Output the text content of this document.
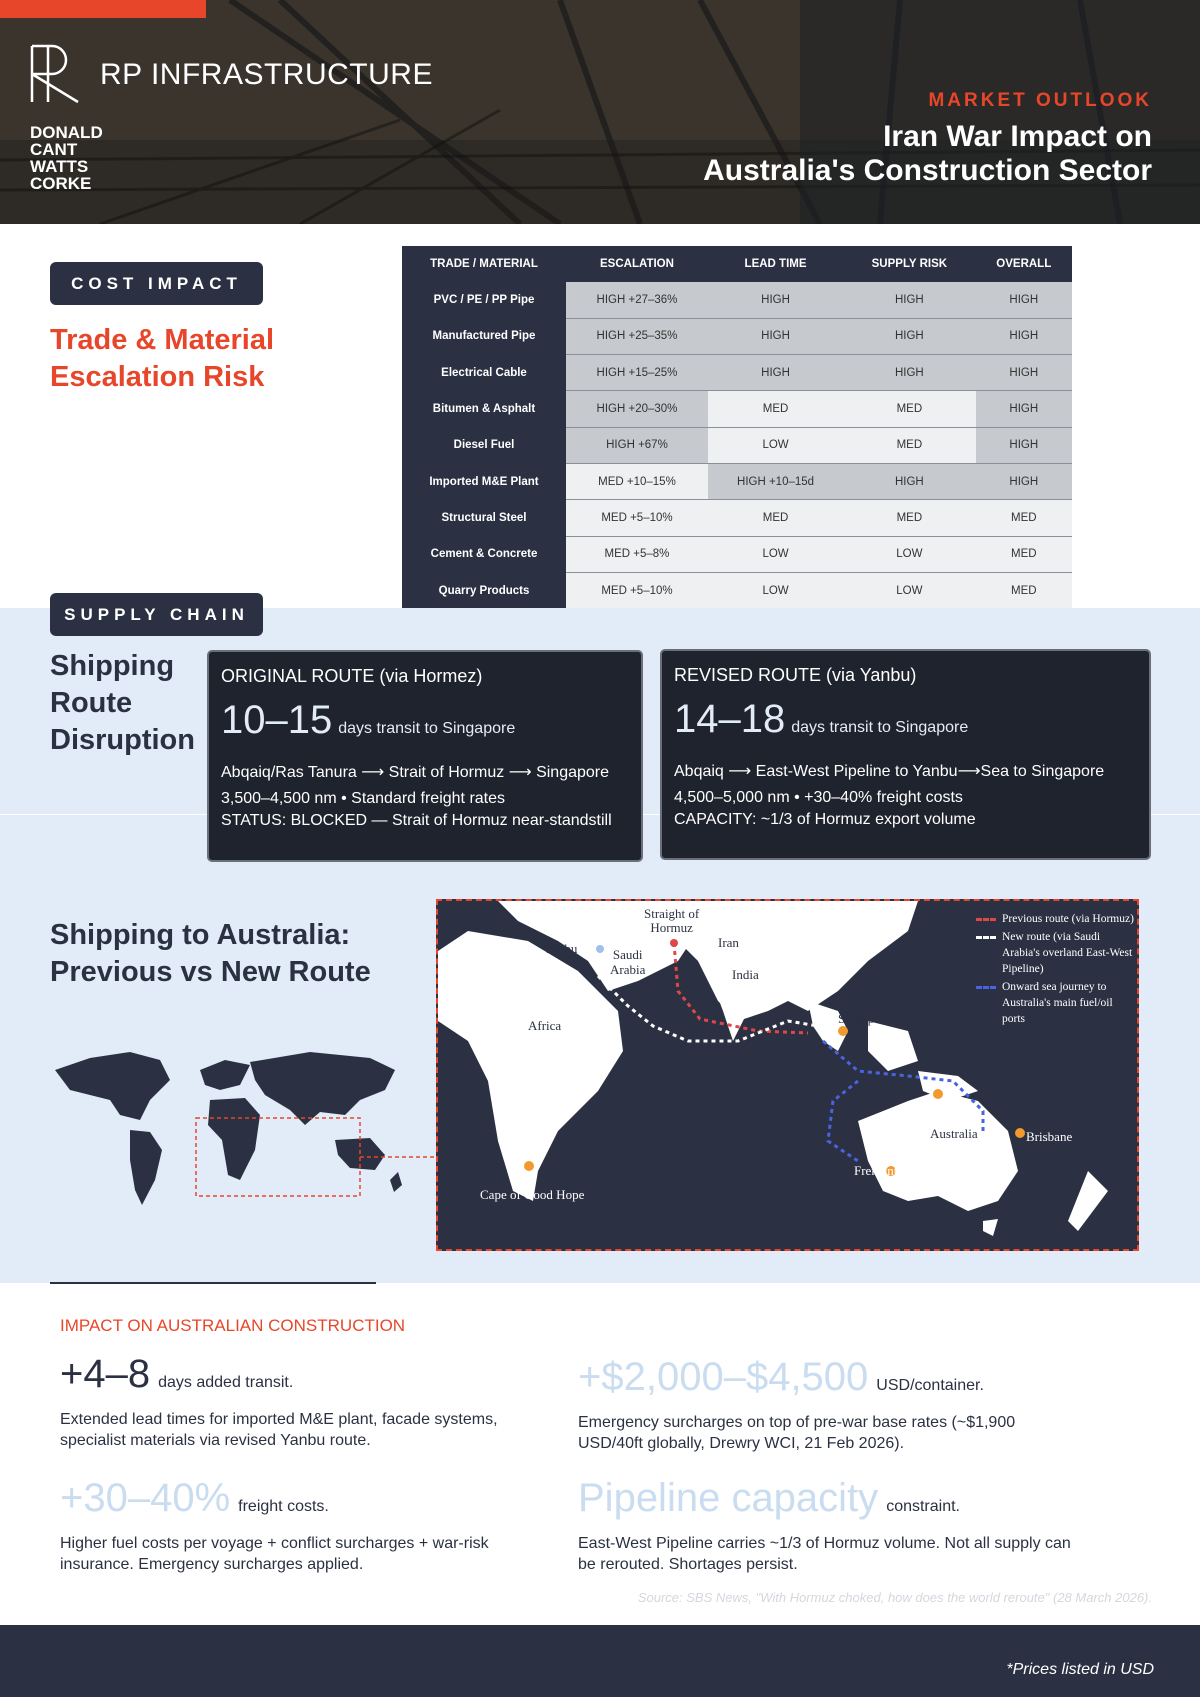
RP INFRASTRUCTURE
DONALD
CANT
WATTS
CORKE
MARKET OUTLOOK
Iran War Impact on
Australia's Construction Sector
COST IMPACT
Trade & Material
Escalation Risk
TRADE / MATERIAL	ESCALATION	LEAD TIME	SUPPLY RISK	OVERALL
PVC / PE / PP Pipe	HIGH +27–36%	HIGH	HIGH	HIGH
Manufactured Pipe	HIGH +25–35%	HIGH	HIGH	HIGH
Electrical Cable	HIGH +15–25%	HIGH	HIGH	HIGH
Bitumen & Asphalt	HIGH +20–30%	MED	MED	HIGH
Diesel Fuel	HIGH +67%	LOW	MED	HIGH
Imported M&E Plant	MED +10–15%	HIGH +10–15d	HIGH	HIGH
Structural Steel	MED +5–10%	MED	MED	MED
Cement & Concrete	MED +5–8%	LOW	LOW	MED
Quarry Products	MED +5–10%	LOW	LOW	MED
SUPPLY CHAIN
Shipping
Route
Disruption
ORIGINAL ROUTE (via Hormez)
10–15 days transit to Singapore
Abqaiq/Ras Tanura ⟶ Strait of Hormuz ⟶ Singapore
3,500–4,500 nm • Standard freight rates
STATUS: BLOCKED — Strait of Hormuz near-standstill
REVISED ROUTE (via Yanbu)
14–18 days transit to Singapore
Abqaiq ⟶ East-West Pipeline to Yanbu⟶Sea to Singapore
4,500–5,000 nm • +30–40% freight costs
CAPACITY: ~1/3 of Hormuz export volume
Shipping to Australia:
Previous vs New Route
Straight of
Hormuz
Yanbu	Saudi
Arabia
Iran
India
Africa	Singapore
Australia	Brisbane
Fremantle
Cape of Good Hope
Previous route (via Hormuz)
New route (via Saudi Arabia's overland East-West Pipeline)
Onward sea journey to Australia's main fuel/oil ports
IMPACT ON AUSTRALIAN CONSTRUCTION
+4–8 days added transit.

Extended lead times for imported M&E plant, facade systems, specialist materials via revised Yanbu route.

+$2,000–$4,500 USD/container.

Emergency surcharges on top of pre-war base rates (~$1,900 USD/40ft globally, Drewry WCI, 21 Feb 2026).

+30–40% freight costs.

Higher fuel costs per voyage + conflict surcharges + war-risk insurance. Emergency surcharges applied.

Pipeline capacity constraint.

East-West Pipeline carries ~1/3 of Hormuz volume. Not all supply can be rerouted. Shortages persist.

Source: SBS News, "With Hormuz choked, how does the world reroute" (28 March 2026).
*Prices listed in USD
